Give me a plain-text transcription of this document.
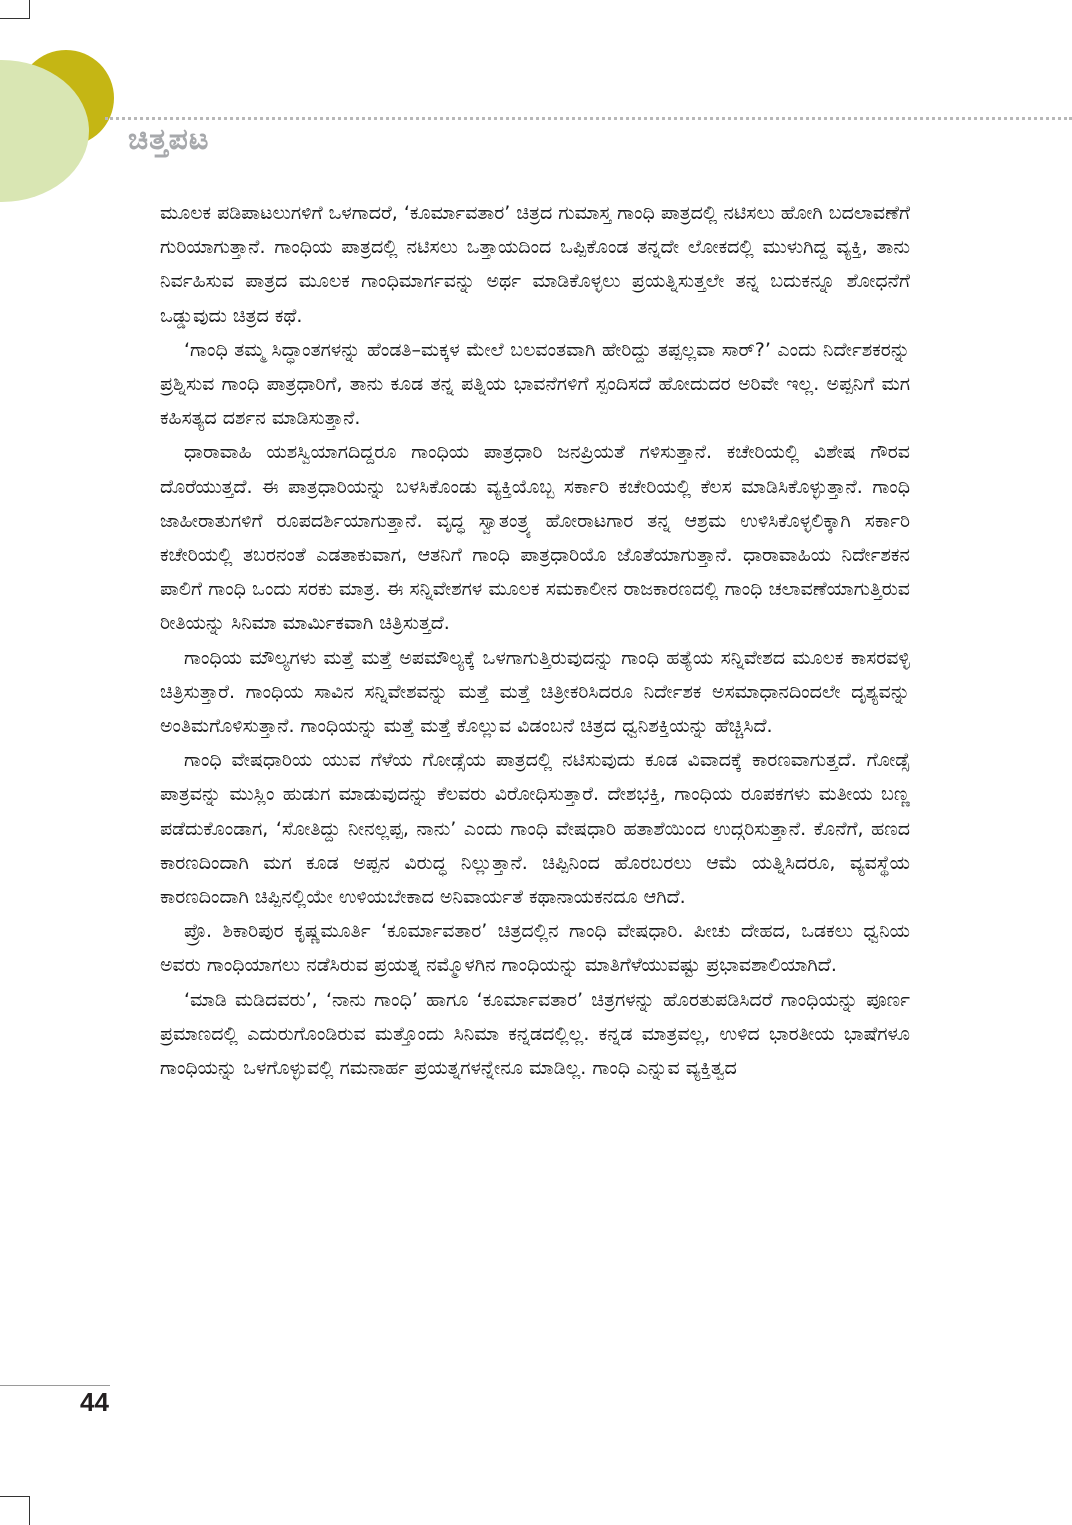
ಚಿತ್ತಪಟ

ಮೂಲಕ ಪಡಿಪಾಟಲುಗಳಿಗೆ ಒಳಗಾದರೆ, ‘ಕೂರ್ಮಾವತಾರ’ ಚಿತ್ರದ ಗುಮಾಸ್ತ ಗಾಂಧಿ ಪಾತ್ರದಲ್ಲಿ ನಟಿಸಲು ಹೋಗಿ ಬದಲಾವಣೆಗೆ ಗುರಿಯಾಗುತ್ತಾನೆ. ಗಾಂಧಿಯ ಪಾತ್ರದಲ್ಲಿ ನಟಿಸಲು ಒತ್ತಾಯದಿಂದ ಒಪ್ಪಿಕೊಂಡ ತನ್ನದೇ ಲೋಕದಲ್ಲಿ ಮುಳುಗಿದ್ದ ವ್ಯಕ್ತಿ, ತಾನು ನಿರ್ವಹಿಸುವ ಪಾತ್ರದ ಮೂಲಕ ಗಾಂಧಿಮಾರ್ಗವನ್ನು ಅರ್ಥ ಮಾಡಿಕೊಳ್ಳಲು ಪ್ರಯತ್ನಿಸುತ್ತಲೇ ತನ್ನ ಬದುಕನ್ನೂ ಶೋಧನೆಗೆ ಒಡ್ಡುವುದು ಚಿತ್ರದ ಕಥೆ.

‘ಗಾಂಧಿ ತಮ್ಮ ಸಿದ್ಧಾಂತಗಳನ್ನು ಹೆಂಡತಿ–ಮಕ್ಕಳ ಮೇಲೆ ಬಲವಂತವಾಗಿ ಹೇರಿದ್ದು ತಪ್ಪಲ್ಲವಾ ಸಾರ್?’ ಎಂದು ನಿರ್ದೇಶಕರನ್ನು ಪ್ರಶ್ನಿಸುವ ಗಾಂಧಿ ಪಾತ್ರಧಾರಿಗೆ, ತಾನು ಕೂಡ ತನ್ನ ಪತ್ನಿಯ ಭಾವನೆಗಳಿಗೆ ಸ್ಪಂದಿಸದೆ ಹೋದುದರ ಅರಿವೇ ಇಲ್ಲ. ಅಪ್ಪನಿಗೆ ಮಗ ಕಹಿಸತ್ಯದ ದರ್ಶನ ಮಾಡಿಸುತ್ತಾನೆ.

ಧಾರಾವಾಹಿ ಯಶಸ್ವಿಯಾಗದಿದ್ದರೂ ಗಾಂಧಿಯ ಪಾತ್ರಧಾರಿ ಜನಪ್ರಿಯತೆ ಗಳಿಸುತ್ತಾನೆ. ಕಚೇರಿಯಲ್ಲಿ ವಿಶೇಷ ಗೌರವ ದೊರೆಯುತ್ತದೆ. ಈ ಪಾತ್ರಧಾರಿಯನ್ನು ಬಳಸಿಕೊಂಡು ವ್ಯಕ್ತಿಯೊಬ್ಬ ಸರ್ಕಾರಿ ಕಚೇರಿಯಲ್ಲಿ ಕೆಲಸ ಮಾಡಿಸಿಕೊಳ್ಳುತ್ತಾನೆ. ಗಾಂಧಿ ಜಾಹೀರಾತುಗಳಿಗೆ ರೂಪದರ್ಶಿಯಾಗುತ್ತಾನೆ. ವೃದ್ಧ ಸ್ವಾತಂತ್ರ್ಯ ಹೋರಾಟಗಾರ ತನ್ನ ಆಶ್ರಮ ಉಳಿಸಿಕೊಳ್ಳಲಿಕ್ಕಾಗಿ ಸರ್ಕಾರಿ ಕಚೇರಿಯಲ್ಲಿ ತಬರನಂತೆ ಎಡತಾಕುವಾಗ, ಆತನಿಗೆ ಗಾಂಧಿ ಪಾತ್ರಧಾರಿಯೊ ಜೊತೆಯಾಗುತ್ತಾನೆ. ಧಾರಾವಾಹಿಯ ನಿರ್ದೇಶಕನ ಪಾಲಿಗೆ ಗಾಂಧಿ ಒಂದು ಸರಕು ಮಾತ್ರ. ಈ ಸನ್ನಿವೇಶಗಳ ಮೂಲಕ ಸಮಕಾಲೀನ ರಾಜಕಾರಣದಲ್ಲಿ ಗಾಂಧಿ ಚಲಾವಣೆಯಾಗುತ್ತಿರುವ ರೀತಿಯನ್ನು ಸಿನಿಮಾ ಮಾರ್ಮಿಕವಾಗಿ ಚಿತ್ರಿಸುತ್ತದೆ.

ಗಾಂಧಿಯ ಮೌಲ್ಯಗಳು ಮತ್ತೆ ಮತ್ತೆ ಅಪಮೌಲ್ಯಕ್ಕೆ ಒಳಗಾಗುತ್ತಿರುವುದನ್ನು ಗಾಂಧಿ ಹತ್ಯೆಯ ಸನ್ನಿವೇಶದ ಮೂಲಕ ಕಾಸರವಳ್ಳಿ ಚಿತ್ರಿಸುತ್ತಾರೆ. ಗಾಂಧಿಯ ಸಾವಿನ ಸನ್ನಿವೇಶವನ್ನು ಮತ್ತೆ ಮತ್ತೆ ಚಿತ್ರೀಕರಿಸಿದರೂ ನಿರ್ದೇಶಕ ಅಸಮಾಧಾನದಿಂದಲೇ ದೃಶ್ಯವನ್ನು ಅಂತಿಮಗೊಳಿಸುತ್ತಾನೆ. ಗಾಂಧಿಯನ್ನು ಮತ್ತೆ ಮತ್ತೆ ಕೊಲ್ಲುವ ವಿಡಂಬನೆ ಚಿತ್ರದ ಧ್ವನಿಶಕ್ತಿಯನ್ನು ಹೆಚ್ಚಿಸಿದೆ.

ಗಾಂಧಿ ವೇಷಧಾರಿಯ ಯುವ ಗೆಳೆಯ ಗೋಡ್ಸೆಯ ಪಾತ್ರದಲ್ಲಿ ನಟಿಸುವುದು ಕೂಡ ವಿವಾದಕ್ಕೆ ಕಾರಣವಾಗುತ್ತದೆ. ಗೋಡ್ಸೆ ಪಾತ್ರವನ್ನು ಮುಸ್ಲಿಂ ಹುಡುಗ ಮಾಡುವುದನ್ನು ಕೆಲವರು ವಿರೋಧಿಸುತ್ತಾರೆ. ದೇಶಭಕ್ತಿ, ಗಾಂಧಿಯ ರೂಪಕಗಳು ಮತೀಯ ಬಣ್ಣ ಪಡೆದುಕೊಂಡಾಗ, ‘ಸೋತಿದ್ದು ನೀನಲ್ಲಪ್ಪ, ನಾನು’ ಎಂದು ಗಾಂಧಿ ವೇಷಧಾರಿ ಹತಾಶೆಯಿಂದ ಉದ್ಗರಿಸುತ್ತಾನೆ. ಕೊನೆಗೆ, ಹಣದ ಕಾರಣದಿಂದಾಗಿ ಮಗ ಕೂಡ ಅಪ್ಪನ ವಿರುದ್ಧ ನಿಲ್ಲುತ್ತಾನೆ. ಚಿಪ್ಪಿನಿಂದ ಹೊರಬರಲು ಆಮೆ ಯತ್ನಿಸಿದರೂ, ವ್ಯವಸ್ಥೆಯ ಕಾರಣದಿಂದಾಗಿ ಚಿಪ್ಪಿನಲ್ಲಿಯೇ ಉಳಿಯಬೇಕಾದ ಅನಿವಾರ್ಯತೆ ಕಥಾನಾಯಕನದೂ ಆಗಿದೆ.

ಪ್ರೊ. ಶಿಕಾರಿಪುರ ಕೃಷ್ಣಮೂರ್ತಿ ‘ಕೂರ್ಮಾವತಾರ’ ಚಿತ್ರದಲ್ಲಿನ ಗಾಂಧಿ ವೇಷಧಾರಿ. ಪೀಚು ದೇಹದ, ಒಡಕಲು ಧ್ವನಿಯ ಅವರು ಗಾಂಧಿಯಾಗಲು ನಡೆಸಿರುವ ಪ್ರಯತ್ನ ನಮ್ಮೊಳಗಿನ ಗಾಂಧಿಯನ್ನು ಮಾತಿಗೆಳೆಯುವಷ್ಟು ಪ್ರಭಾವಶಾಲಿಯಾಗಿದೆ.

‘ಮಾಡಿ ಮಡಿದವರು’, ‘ನಾನು ಗಾಂಧಿ’ ಹಾಗೂ ‘ಕೂರ್ಮಾವತಾರ’ ಚಿತ್ರಗಳನ್ನು ಹೊರತುಪಡಿಸಿದರೆ ಗಾಂಧಿಯನ್ನು ಪೂರ್ಣ ಪ್ರಮಾಣದಲ್ಲಿ ಎದುರುಗೊಂಡಿರುವ ಮತ್ತೊಂದು ಸಿನಿಮಾ ಕನ್ನಡದಲ್ಲಿಲ್ಲ. ಕನ್ನಡ ಮಾತ್ರವಲ್ಲ, ಉಳಿದ ಭಾರತೀಯ ಭಾಷೆಗಳೂ ಗಾಂಧಿಯನ್ನು ಒಳಗೊಳ್ಳುವಲ್ಲಿ ಗಮನಾರ್ಹ ಪ್ರಯತ್ನಗಳನ್ನೇನೂ ಮಾಡಿಲ್ಲ. ಗಾಂಧಿ ಎನ್ನುವ ವ್ಯಕ್ತಿತ್ವದ

44
